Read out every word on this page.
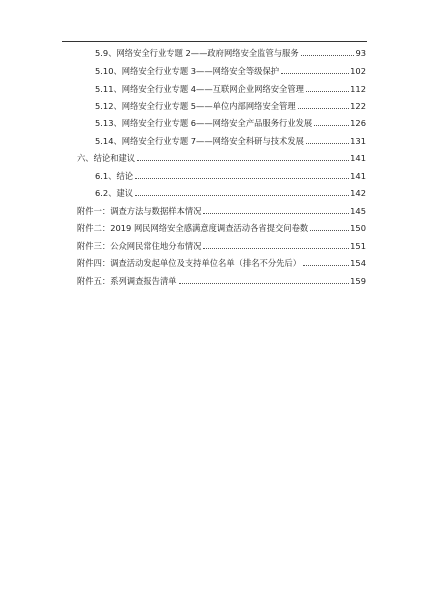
5.9、网络安全行业专题 2——政府网络安全监管与服务	93
5.10、网络安全行业专题 3——网络安全等级保护	102
5.11、网络安全行业专题 4——互联网企业网络安全管理	112
5.12、网络安全行业专题 5——单位内部网络安全管理	122
5.13、网络安全行业专题 6——网络安全产品服务行业发展	126
5.14、网络安全行业专题 7——网络安全科研与技术发展	131
六、结论和建议	141
6.1、结论	141
6.2、建议	142
附件一：调查方法与数据样本情况	145
附件二：2019 网民网络安全感满意度调查活动各省提交问卷数	150
附件三：公众网民常住地分布情况	151
附件四：调查活动发起单位及支持单位名单（排名不分先后）	154
附件五：系列调查报告清单	159
